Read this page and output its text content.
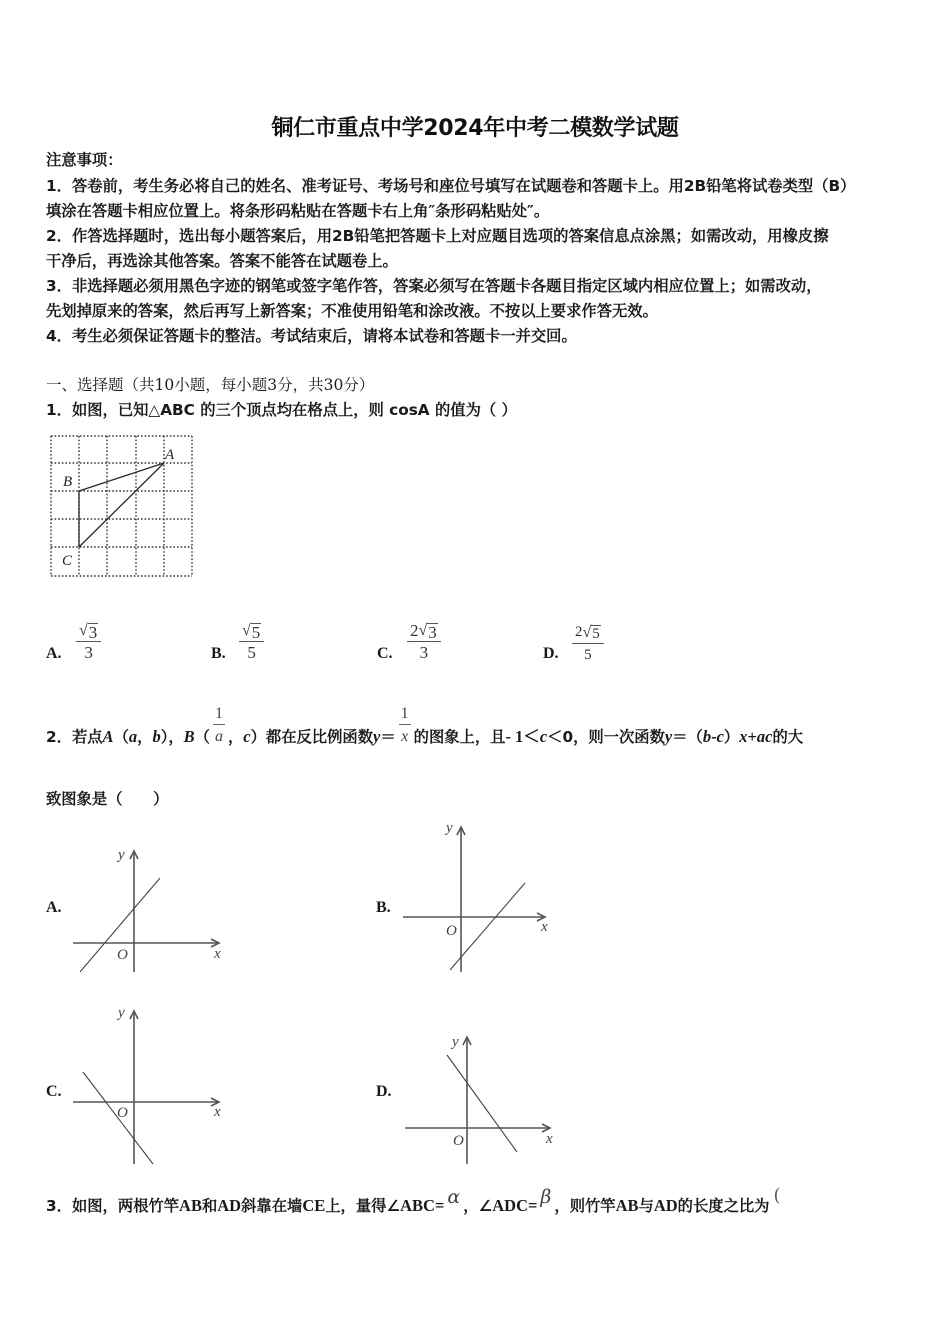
铜仁市重点中学2024年中考二模数学试题
注意事项：
1．答卷前，考生务必将自己的姓名、准考证号、考场号和座位号填写在试题卷和答题卡上。用2B铅笔将试卷类型（B）
填涂在答题卡相应位置上。将条形码粘贴在答题卡右上角″条形码粘贴处″。
2．作答选择题时，选出每小题答案后，用2B铅笔把答题卡上对应题目选项的答案信息点涂黑；如需改动，用橡皮擦
干净后，再选涂其他答案。答案不能答在试题卷上。
3．非选择题必须用黑色字迹的钢笔或签字笔作答，答案必须写在答题卡各题目指定区域内相应位置上；如需改动，
先划掉原来的答案，然后再写上新答案；不准使用铅笔和涂改液。不按以上要求作答无效。
4．考生必须保证答题卡的整洁。考试结束后，请将本试卷和答题卡一并交回。
一、选择题（共10小题，每小题3分，共30分）
1．如图，已知△ABC 的三个顶点均在格点上，则 cosA 的值为（ ）
A
B
C
A.
√ 3
3	B.
√ 5
5	C.
2 √ 3
3	D.
2 √ 5
5
2．若点 A （ a ， b ）， B （ $\frac{1}{a}$ ， c ）都在反比例函数 $y = \frac{1}{x}$ 的图象上，且 - 1＜ c ＜0，则一次函数 y ＝（ b - c ） x + ac 的大
致图象是（　　）
A.
y
O	x
B.
y
O	x
C.
y
O	x
D.
y
O	x
3．如图，两根竹竿 AB 和 AD 斜靠在墙 CE 上，量得∠ ABC= α ，∠ ADC= β ，则竹竿 AB 与 AD 的长度之比为 (
